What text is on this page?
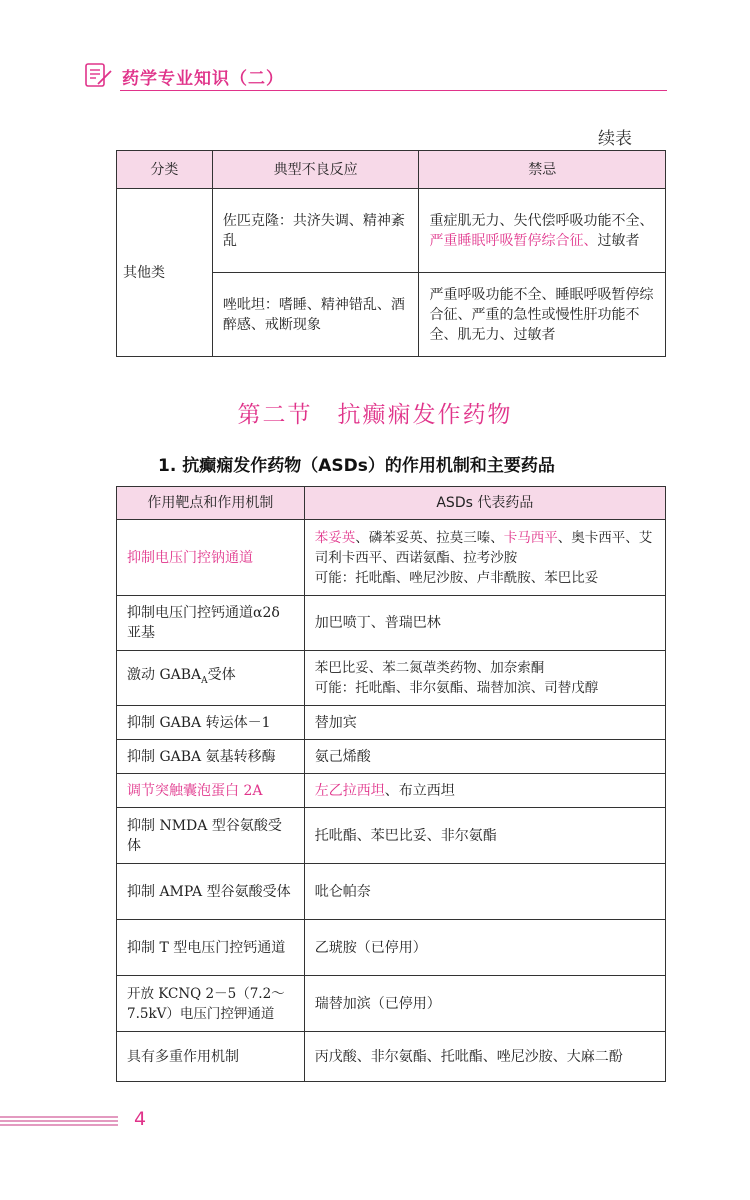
药学专业知识（二）
续表
分类	典型不良反应	禁忌
其他类	佐匹克隆：共济失调、精神紊乱	重症肌无力、失代偿呼吸功能不全、严重睡眠呼吸暂停综合征、过敏者
	唑吡坦：嗜睡、精神错乱、酒醉感、戒断现象	严重呼吸功能不全、睡眠呼吸暂停综合征、严重的急性或慢性肝功能不全、肌无力、过敏者
第二节　抗癫痫发作药物
1. 抗癫痫发作药物（ASDs）的作用机制和主要药品
作用靶点和作用机制	ASDs 代表药品
抑制电压门控钠通道	苯妥英、磷苯妥英、拉莫三嗪、卡马西平、奥卡西平、艾司利卡西平、西诺氨酯、拉考沙胺
可能：托吡酯、唑尼沙胺、卢非酰胺、苯巴比妥
抑制电压门控钙通道α2δ 亚基	加巴喷丁、普瑞巴林
激动 $GABA_A$受体	苯巴比妥、苯二氮䓬类药物、加奈索酮
可能：托吡酯、非尔氨酯、瑞替加滨、司替戊醇
抑制 GABA 转运体－1	替加宾
抑制 GABA 氨基转移酶	氨己烯酸
调节突触囊泡蛋白 2A	左乙拉西坦、布立西坦
抑制 NMDA 型谷氨酸受体	托吡酯、苯巴比妥、非尔氨酯
抑制 AMPA 型谷氨酸受体	吡仑帕奈
抑制 T 型电压门控钙通道	乙琥胺（已停用）
开放 KCNQ 2－5（7.2～7.5kV）电压门控钾通道	瑞替加滨（已停用）
具有多重作用机制	丙戊酸、非尔氨酯、托吡酯、唑尼沙胺、大麻二酚
4
